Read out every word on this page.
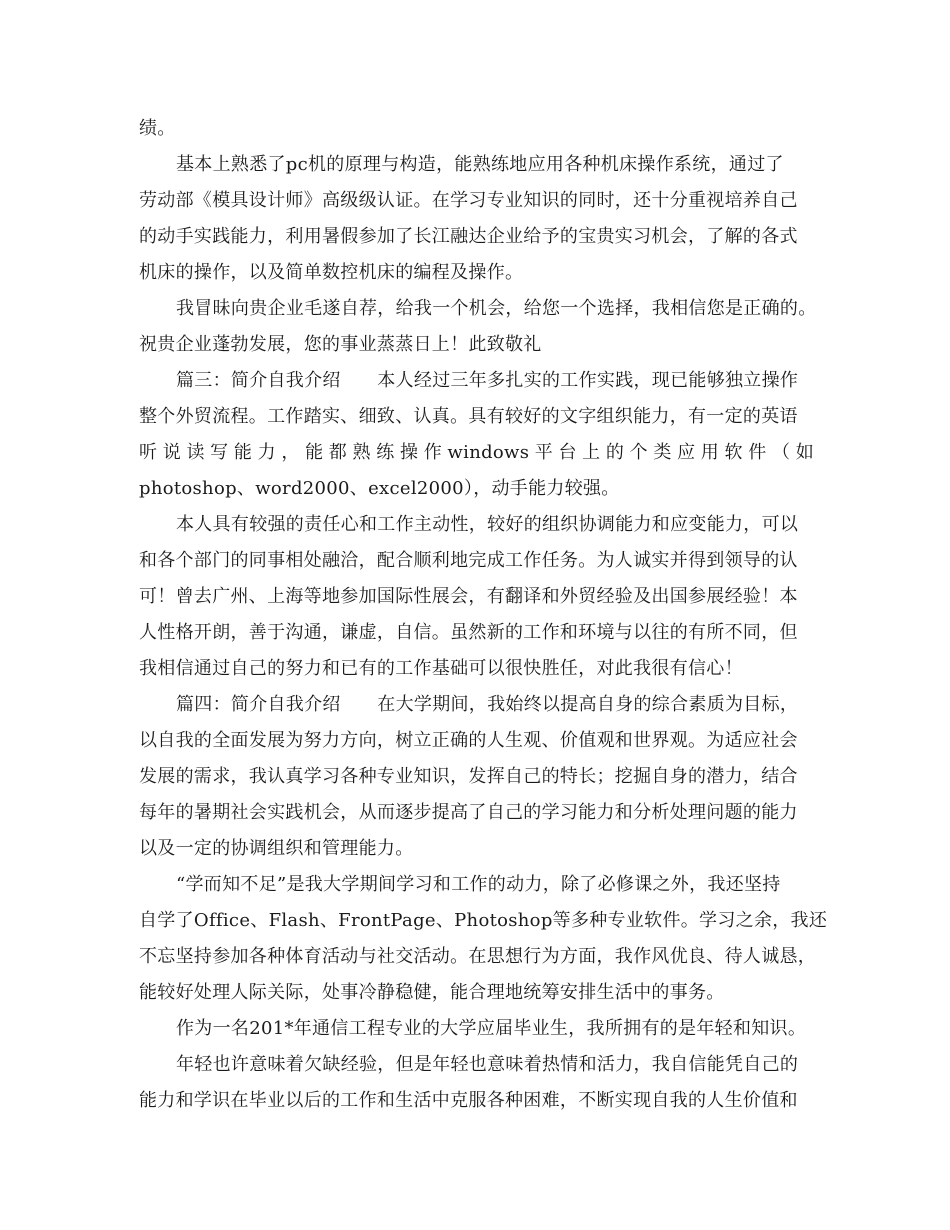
绩。
基本上熟悉了pc机的原理与构造，能熟练地应用各种机床操作系统，通过了
劳动部《模具设计师》高级级认证。在学习专业知识的同时，还十分重视培养自己
的动手实践能力，利用暑假参加了长江融达企业给予的宝贵实习机会，了解的各式
机床的操作，以及简单数控机床的编程及操作。
我冒昧向贵企业毛遂自荐，给我一个机会，给您一个选择，我相信您是正确的。
祝贵企业蓬勃发展，您的事业蒸蒸日上！此致敬礼
篇三：简介自我介绍　　本人经过三年多扎实的工作实践，现已能够独立操作
整个外贸流程。工作踏实、细致、认真。具有较好的文字组织能力，有一定的英语
听说读写能力，能都熟练操作windows平台上的个类应用软件（如
photoshop、word2000、excel2000），动手能力较强。
本人具有较强的责任心和工作主动性，较好的组织协调能力和应变能力，可以
和各个部门的同事相处融洽，配合顺利地完成工作任务。为人诚实并得到领导的认
可！曾去广州、上海等地参加国际性展会，有翻译和外贸经验及出国参展经验！本
人性格开朗，善于沟通，谦虚，自信。虽然新的工作和环境与以往的有所不同，但
我相信通过自己的努力和已有的工作基础可以很快胜任，对此我很有信心！
篇四：简介自我介绍　　在大学期间，我始终以提高自身的综合素质为目标，
以自我的全面发展为努力方向，树立正确的人生观、价值观和世界观。为适应社会
发展的需求，我认真学习各种专业知识，发挥自己的特长；挖掘自身的潜力，结合
每年的暑期社会实践机会，从而逐步提高了自己的学习能力和分析处理问题的能力
以及一定的协调组织和管理能力。
“学而知不足”是我大学期间学习和工作的动力，除了必修课之外，我还坚持
自学了Office、Flash、FrontPage、Photoshop等多种专业软件。学习之余，我还
不忘坚持参加各种体育活动与社交活动。在思想行为方面，我作风优良、待人诚恳，
能较好处理人际关际，处事冷静稳健，能合理地统筹安排生活中的事务。
作为一名201*年通信工程专业的大学应届毕业生，我所拥有的是年轻和知识。
年轻也许意味着欠缺经验，但是年轻也意味着热情和活力，我自信能凭自己的
能力和学识在毕业以后的工作和生活中克服各种困难，不断实现自我的人生价值和
